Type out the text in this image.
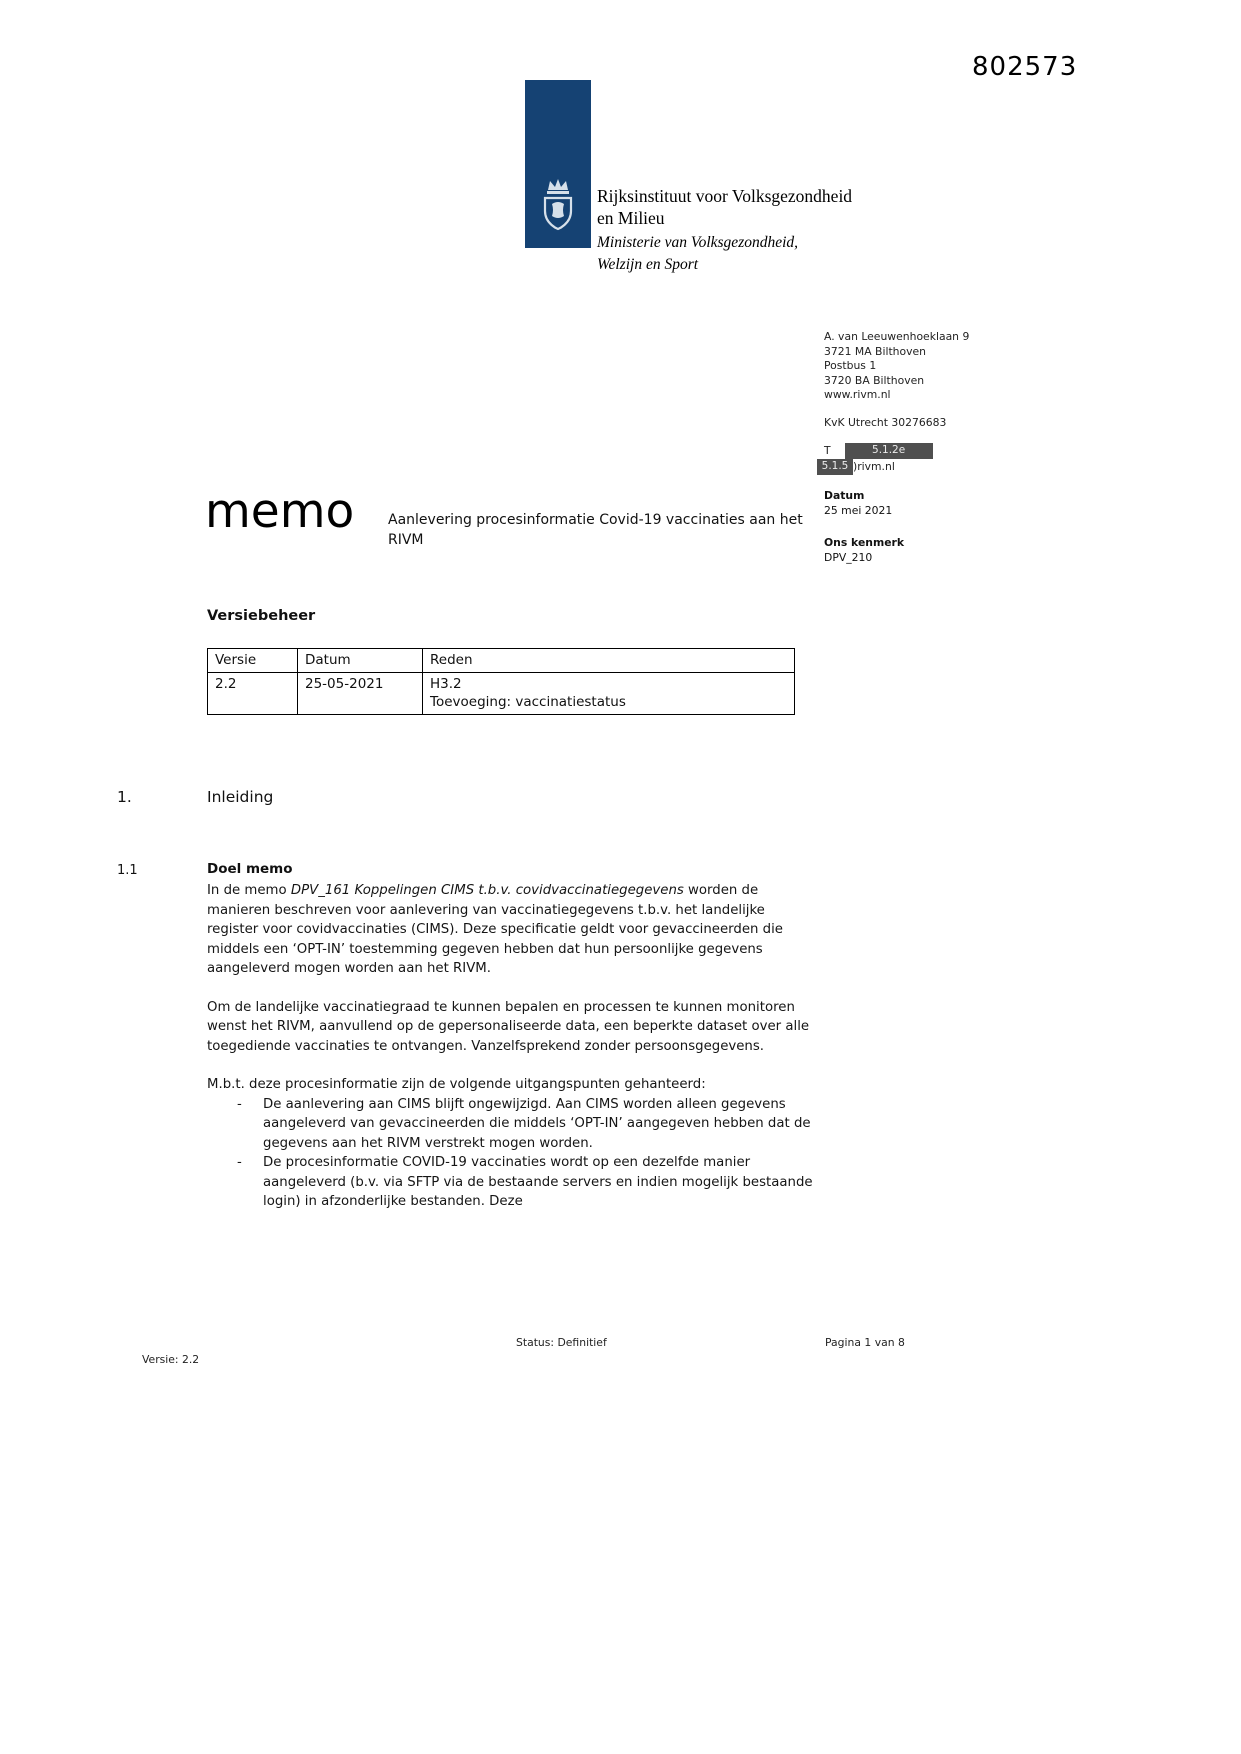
802573
Rijksinstituut voor Volksgezondheid
en Milieu
Ministerie van Volksgezondheid,
Welzijn en Sport
A. van Leeuwenhoeklaan 9
3721 MA Bilthoven
Postbus 1
3720 BA Bilthoven
www.rivm.nl
KvK Utrecht 30276683
T	5.1.2e
5.1.5 )rivm.nl
Datum
25 mei 2021
Ons kenmerk
DPV_210
memo Aanlevering procesinformatie Covid-19 vaccinaties aan het RIVM
Versiebeheer
Versie	Datum	Reden
2.2	25-05-2021	H3.2
Toevoeging: vaccinatiestatus
1.	Inleiding
1.1	Doel memo

In de memo DPV_161 Koppelingen CIMS t.b.v. covidvaccinatiegegevens worden de manieren beschreven voor aanlevering van vaccinatiegegevens t.b.v. het landelijke register voor covidvaccinaties (CIMS). Deze specificatie geldt voor gevaccineerden die middels een ‘OPT-IN’ toestemming gegeven hebben dat hun persoonlijke gegevens aangeleverd mogen worden aan het RIVM.

Om de landelijke vaccinatiegraad te kunnen bepalen en processen te kunnen monitoren wenst het RIVM, aanvullend op de gepersonaliseerde data, een beperkte dataset over alle toegediende vaccinaties te ontvangen. Vanzelfsprekend zonder persoonsgegevens.

M.b.t. deze procesinformatie zijn de volgende uitgangspunten gehanteerd:

-	De aanlevering aan CIMS blijft ongewijzigd. Aan CIMS worden alleen gegevens aangeleverd van gevaccineerden die middels ‘OPT-IN’ aangegeven hebben dat de gegevens aan het RIVM verstrekt mogen worden.
-	De procesinformatie COVID-19 vaccinaties wordt op een dezelfde manier aangeleverd (b.v. via SFTP via de bestaande servers en indien mogelijk bestaande login) in afzonderlijke bestanden. Deze
Status: Definitief	Pagina 1 van 8
Versie: 2.2
